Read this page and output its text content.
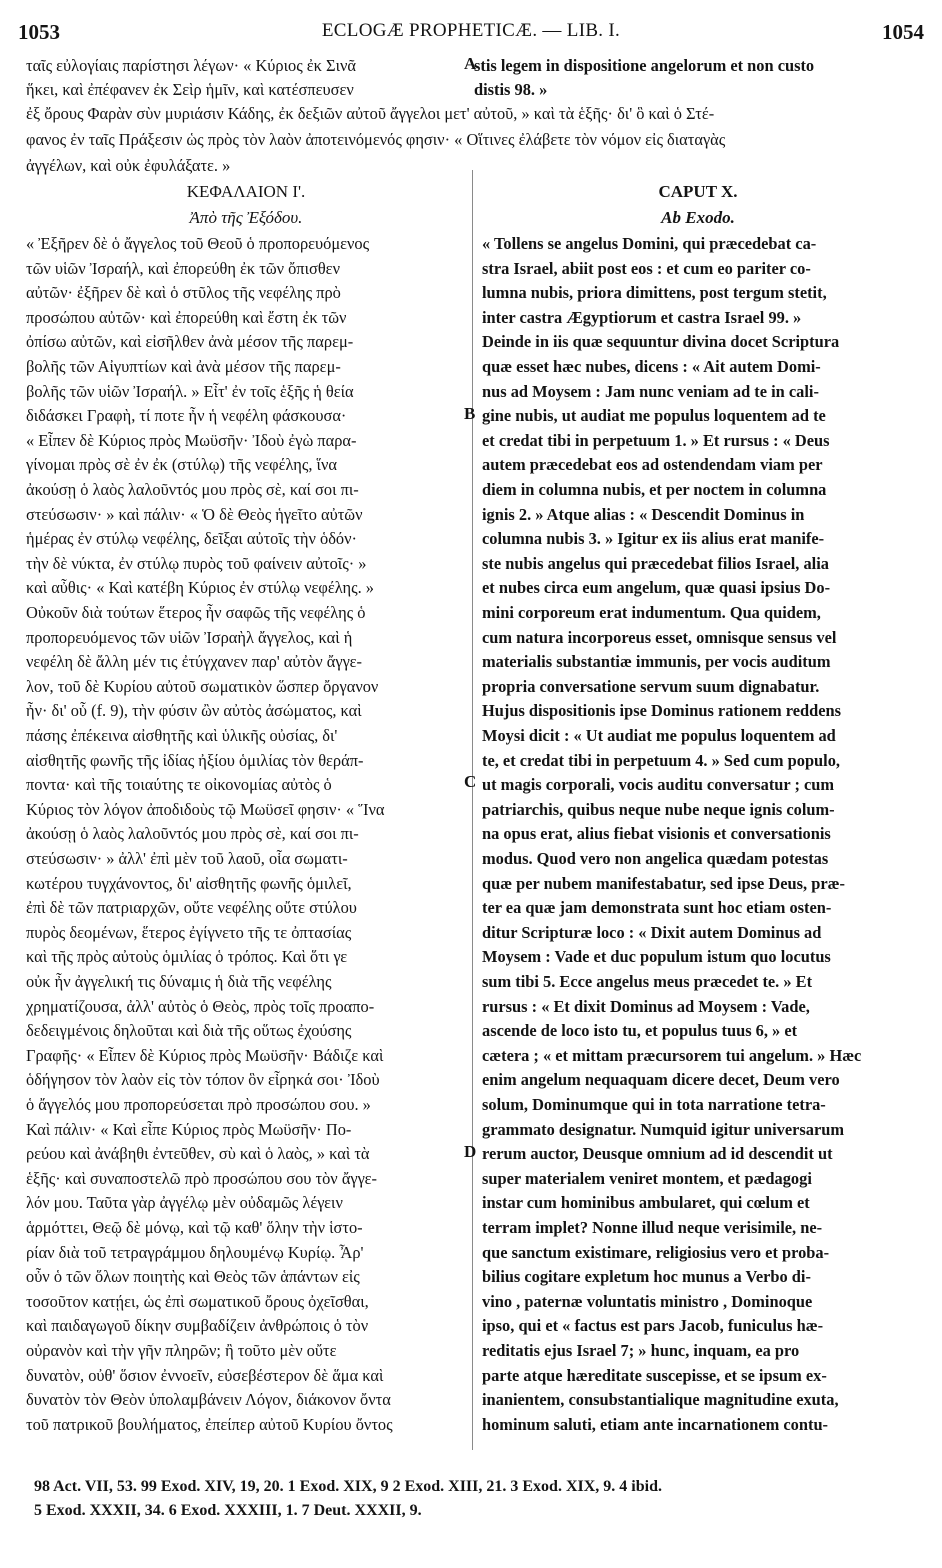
1053	ECLOGÆ PROPHETICÆ. — LIB. I.	1054
ταῖς εὐλογίαις παρίστησι λέγων· « Κύριος ἐκ Σινᾶ
ἥκει, καὶ ἐπέφανεν ἐκ Σεὶρ ἡμῖν, καὶ κατέσπευσεν
ἐξ ὄρους Φαρὰν σὺν μυριάσιν Κάδης, ἐκ δεξιῶν αὐτοῦ ἄγγελοι μετ' αὐτοῦ, » καὶ τὰ ἑξῆς· δι' ὃ καὶ ὁ Στέ-
φανος ἐν ταῖς Πράξεσιν ὡς πρὸς τὸν λαὸν ἀποτεινόμενός φησιν· « Οἵτινες ἐλάβετε τὸν νόμον εἰς διαταγὰς
ἀγγέλων, καὶ οὐκ ἐφυλάξατε. »
stis legem in dispositione angelorum et non custo
distis 98. »
ΚΕΦΑΛΑΙΟΝ Ι'.
Ἀπὸ τῆς Ἐξόδου.
CAPUT X.
Ab Exodo.
« Ἐξῆρεν δὲ ὁ ἄγγελος τοῦ Θεοῦ ὁ προπορευόμενος
τῶν υἱῶν Ἰσραήλ, καὶ ἐπορεύθη ἐκ τῶν ὄπισθεν
αὐτῶν· ἐξῆρεν δὲ καὶ ὁ στῦλος τῆς νεφέλης πρὸ
προσώπου αὐτῶν· καὶ ἐπορεύθη καὶ ἔστη ἐκ τῶν
ὀπίσω αὐτῶν, καὶ εἰσῆλθεν ἀνὰ μέσον τῆς παρεμ-
βολῆς τῶν Αἰγυπτίων καὶ ἀνὰ μέσον τῆς παρεμ-
βολῆς τῶν υἱῶν Ἰσραήλ. » Εἶτ' ἐν τοῖς ἑξῆς ἡ θεία
διδάσκει Γραφὴ, τί ποτε ἦν ἡ νεφέλη φάσκουσα·
« Εἶπεν δὲ Κύριος πρὸς Μωϋσῆν· Ἰδοὺ ἐγὼ παρα-
γίνομαι πρὸς σὲ ἐν ἐκ (στύλῳ) τῆς νεφέλης, ἵνα
ἀκούσῃ ὁ λαὸς λαλοῦντός μου πρὸς σὲ, καί σοι πι-
στεύσωσιν· » καὶ πάλιν· « Ὁ δὲ Θεὸς ἡγεῖτο αὐτῶν
ἡμέρας ἐν στύλῳ νεφέλης, δεῖξαι αὐτοῖς τὴν ὁδόν·
τὴν δὲ νύκτα, ἐν στύλῳ πυρὸς τοῦ φαίνειν αὐτοῖς· »
καὶ αὖθις· « Καὶ κατέβη Κύριος ἐν στύλῳ νεφέλης. »
Οὐκοῦν διὰ τούτων ἕτερος ἦν σαφῶς τῆς νεφέλης ὁ
προπορευόμενος τῶν υἱῶν Ἰσραὴλ ἄγγελος, καὶ ἡ
νεφέλη δὲ ἄλλη μέν τις ἐτύγχανεν παρ' αὐτὸν ἄγγε-
λον, τοῦ δὲ Κυρίου αὐτοῦ σωματικὸν ὥσπερ ὄργανον
ἦν· δι' οὗ (f. 9), τὴν φύσιν ὢν αὐτὸς ἀσώματος, καὶ
πάσης ἐπέκεινα αἰσθητῆς καὶ ὑλικῆς οὐσίας, δι'
αἰσθητῆς φωνῆς τῆς ἰδίας ἠξίου ὁμιλίας τὸν θεράπ-
ποντα· καὶ τῆς τοιαύτης τε οἰκονομίας αὐτὸς ὁ
Κύριος τὸν λόγον ἀποδιδοὺς τῷ Μωϋσεῖ φησιν· « Ἵνα
ἀκούσῃ ὁ λαὸς λαλοῦντός μου πρὸς σὲ, καί σοι πι-
στεύσωσιν· » ἀλλ' ἐπὶ μὲν τοῦ λαοῦ, οἷα σωματι-
κωτέρου τυγχάνοντος, δι' αἰσθητῆς φωνῆς ὁμιλεῖ,
ἐπὶ δὲ τῶν πατριαρχῶν, οὔτε νεφέλης οὔτε στύλου
πυρὸς δεομένων, ἕτερος ἐγίγνετο τῆς τε ὀπτασίας
καὶ τῆς πρὸς αὐτοὺς ὁμιλίας ὁ τρόπος. Καὶ ὅτι γε
οὐκ ἦν ἀγγελική τις δύναμις ἡ διὰ τῆς νεφέλης
χρηματίζουσα, ἀλλ' αὐτὸς ὁ Θεὸς, πρὸς τοῖς προαπο-
δεδειγμένοις δηλοῦται καὶ διὰ τῆς οὕτως ἐχούσης
Γραφῆς· « Εἶπεν δὲ Κύριος πρὸς Μωϋσῆν· Βάδιζε καὶ
ὁδήγησον τὸν λαὸν εἰς τὸν τόπον ὃν εἶρηκά σοι· Ἰδοὺ
ὁ ἄγγελός μου προπορεύσεται πρὸ προσώπου σου. »
Καὶ πάλιν· « Καὶ εἶπε Κύριος πρὸς Μωϋσῆν· Πο-
ρεύου καὶ ἀνάβηθι ἐντεῦθεν, σὺ καὶ ὁ λαὸς, » καὶ τὰ
ἑξῆς· καὶ συναποστελῶ πρὸ προσώπου σου τὸν ἄγγε-
λόν μου. Ταῦτα γὰρ ἀγγέλῳ μὲν οὐδαμῶς λέγειν
ἁρμόττει, Θεῷ δὲ μόνῳ, καὶ τῷ καθ' ὅλην τὴν ἱστο-
ρίαν διὰ τοῦ τετραγράμμου δηλουμένῳ Κυρίῳ. Ἆρ'
οὖν ὁ τῶν ὅλων ποιητὴς καὶ Θεὸς τῶν ἁπάντων εἰς
τοσοῦτον κατῄει, ὡς ἐπὶ σωματικοῦ ὄρους ὀχεῖσθαι,
καὶ παιδαγωγοῦ δίκην συμβαδίζειν ἀνθρώποις ὁ τὸν
οὐρανὸν καὶ τὴν γῆν πληρῶν; ἢ τοῦτο μὲν οὔτε
δυνατὸν, οὐθ' ὅσιον ἐννοεῖν, εὐσεβέστερον δὲ ἅμα καὶ
δυνατὸν τὸν Θεὸν ὑπολαμβάνειν Λόγον, διάκονον ὄντα
τοῦ πατρικοῦ βουλήματος, ἐπείπερ αὐτοῦ Κυρίου ὄντος
« Tollens se angelus Domini, qui præcedebat ca-
stra Israel, abiit post eos : et cum eo pariter co-
lumna nubis, priora dimittens, post tergum stetit,
inter castra Ægyptiorum et castra Israel 99. »
Deinde in iis quæ sequuntur divina docet Scriptura
quæ esset hæc nubes, dicens : « Ait autem Domi-
nus ad Moysem : Jam nunc veniam ad te in cali-
gine nubis, ut audiat me populus loquentem ad te
et credat tibi in perpetuum 1. » Et rursus : « Deus
autem præcedebat eos ad ostendendam viam per
diem in columna nubis, et per noctem in columna
ignis 2. » Atque alias : « Descendit Dominus in
columna nubis 3. » Igitur ex iis alius erat manife-
ste nubis angelus qui præcedebat filios Israel, alia
et nubes circa eum angelum, quæ quasi ipsius Do-
mini corporeum erat indumentum. Qua quidem,
cum natura incorporeus esset, omnisque sensus vel
materialis substantiæ immunis, per vocis auditum
propria conversatione servum suum dignabatur.
Hujus dispositionis ipse Dominus rationem reddens
Moysi dicit : « Ut audiat me populus loquentem ad
te, et credat tibi in perpetuum 4. » Sed cum populo,
ut magis corporali, vocis auditu conversatur ; cum
patriarchis, quibus neque nube neque ignis colum-
na opus erat, alius fiebat visionis et conversationis
modus. Quod vero non angelica quædam potestas
quæ per nubem manifestabatur, sed ipse Deus, præ-
ter ea quæ jam demonstrata sunt hoc etiam osten-
ditur Scripturæ loco : « Dixit autem Dominus ad
Moysem : Vade et duc populum istum quo locutus
sum tibi 5. Ecce angelus meus præcedet te. » Et
rursus : « Et dixit Dominus ad Moysem : Vade,
ascende de loco isto tu, et populus tuus 6, » et
cætera ; « et mittam præcursorem tui angelum. » Hæc
enim angelum nequaquam dicere decet, Deum vero
solum, Dominumque qui in tota narratione tetra-
grammato designatur. Numquid igitur universarum
rerum auctor, Deusque omnium ad id descendit ut
super materialem veniret montem, et pædagogi
instar cum hominibus ambularet, qui cœlum et
terram implet? Nonne illud neque verisimile, ne-
que sanctum existimare, religiosius vero et proba-
bilius cogitare expletum hoc munus a Verbo di-
vino , paternæ voluntatis ministro , Dominoque
ipso, qui et « factus est pars Jacob, funiculus hæ-
reditatis ejus Israel 7; » hunc, inquam, ea pro
parte atque hæreditate suscepisse, et se ipsum ex-
inanientem, consubstantialique magnitudine exuta,
hominum saluti, etiam ante incarnationem contu-
A
B
C
D
98 Act. VII, 53. 99 Exod. XIV, 19, 20. 1 Exod. XIX, 9 2 Exod. XIII, 21. 3 Exod. XIX, 9. 4 ibid.
5 Exod. XXXII, 34. 6 Exod. XXXIII, 1. 7 Deut. XXXII, 9.
